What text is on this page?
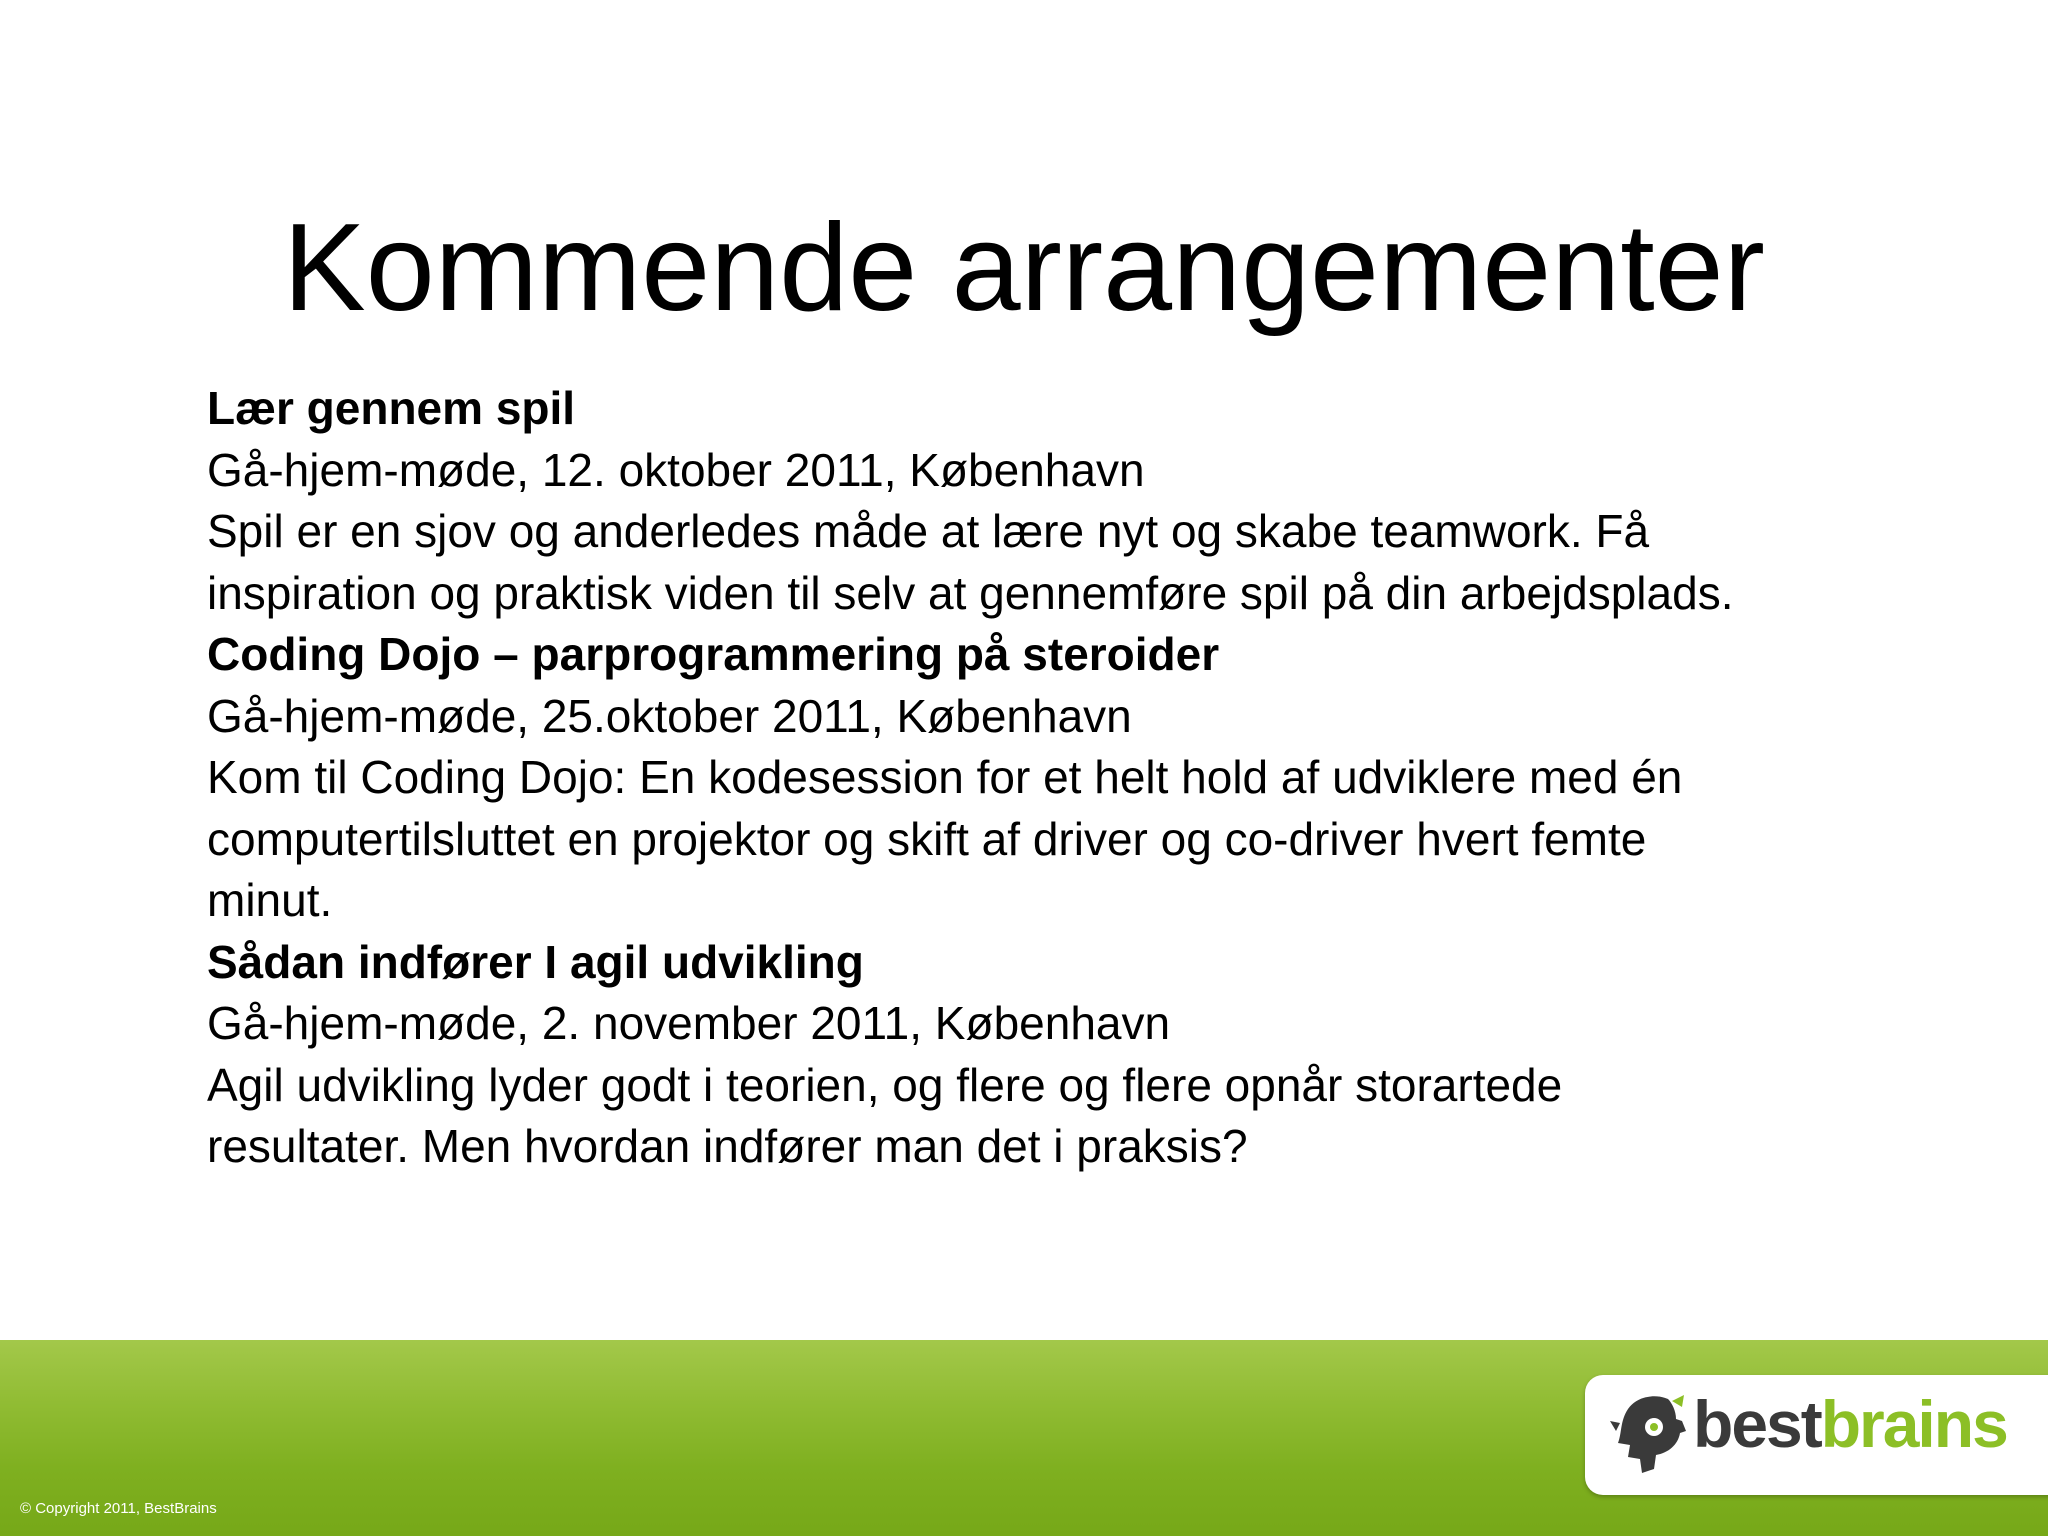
Kommende arrangementer
Lær gennem spil
Gå-hjem-møde, 12. oktober 2011, København
Spil er en sjov og anderledes måde at lære nyt og skabe teamwork. Få inspiration og praktisk viden til selv at gennemføre spil på din arbejdsplads.
Coding Dojo – parprogrammering på steroider
Gå-hjem-møde, 25.oktober 2011, København
Kom til Coding Dojo: En kodesession for et helt hold af udviklere med én computertilsluttet en projektor og skift af driver og co-driver hvert femte minut.
Sådan indfører I agil udvikling
Gå-hjem-møde, 2. november 2011, København
Agil udvikling lyder godt i teorien, og flere og flere opnår storartede resultater. Men hvordan indfører man det i praksis?
© Copyright 2011, BestBrains
bestbrains
